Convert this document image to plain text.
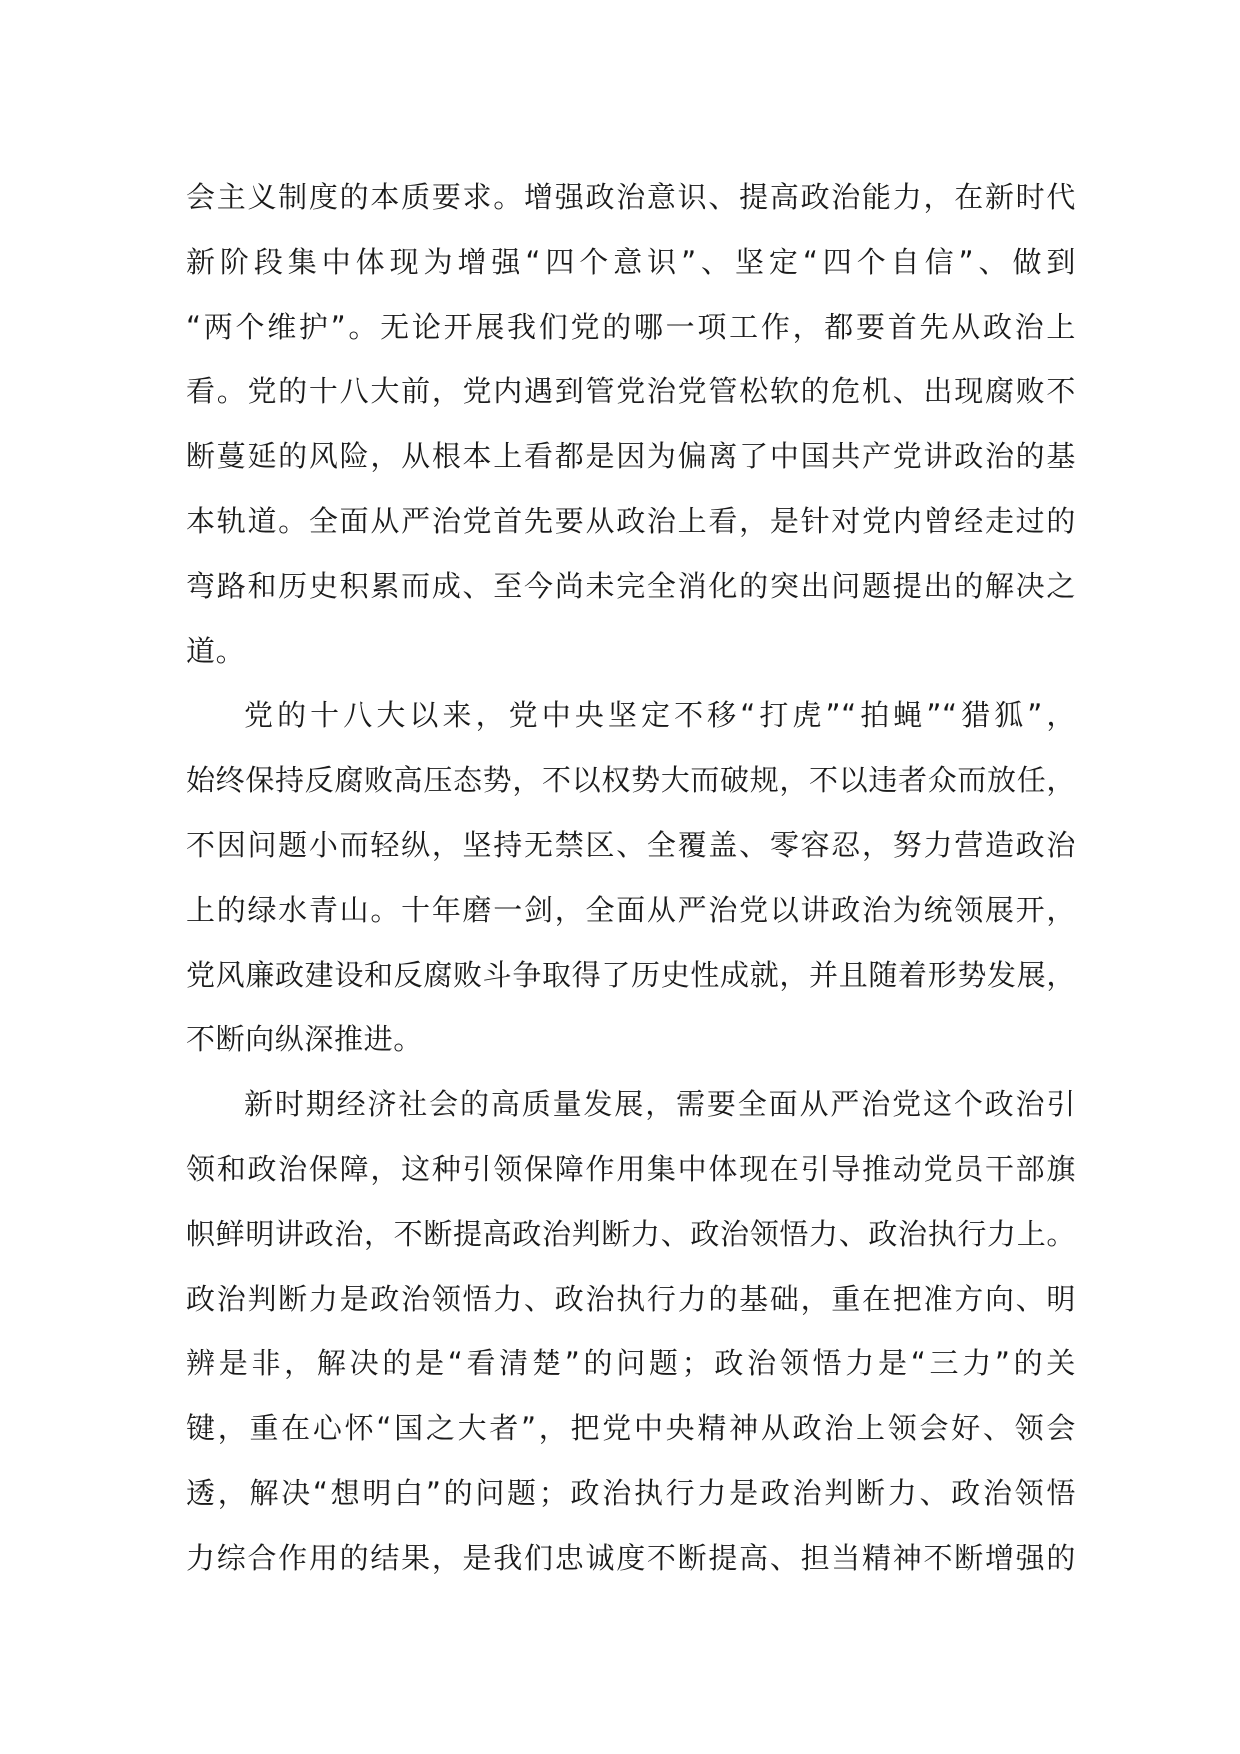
会主义制度的本质要求。增强政治意识、提高政治能力，在新时代
新阶段集中体现为增强“四个意识”、坚定“四个自信”、做到
“两个维护”。无论开展我们党的哪一项工作，都要首先从政治上
看。党的十八大前，党内遇到管党治党管松软的危机、出现腐败不
断蔓延的风险，从根本上看都是因为偏离了中国共产党讲政治的基
本轨道。全面从严治党首先要从政治上看，是针对党内曾经走过的
弯路和历史积累而成、至今尚未完全消化的突出问题提出的解决之
道。
党的十八大以来，党中央坚定不移“打虎”“拍蝇”“猎狐”，
始终保持反腐败高压态势，不以权势大而破规，不以违者众而放任，
不因问题小而轻纵，坚持无禁区、全覆盖、零容忍，努力营造政治
上的绿水青山。十年磨一剑，全面从严治党以讲政治为统领展开，
党风廉政建设和反腐败斗争取得了历史性成就，并且随着形势发展，
不断向纵深推进。
新时期经济社会的高质量发展，需要全面从严治党这个政治引
领和政治保障，这种引领保障作用集中体现在引导推动党员干部旗
帜鲜明讲政治，不断提高政治判断力、政治领悟力、政治执行力上。
政治判断力是政治领悟力、政治执行力的基础，重在把准方向、明
辨是非，解决的是“看清楚”的问题；政治领悟力是“三力”的关
键，重在心怀“国之大者”，把党中央精神从政治上领会好、领会
透，解决“想明白”的问题；政治执行力是政治判断力、政治领悟
力综合作用的结果，是我们忠诚度不断提高、担当精神不断增强的
